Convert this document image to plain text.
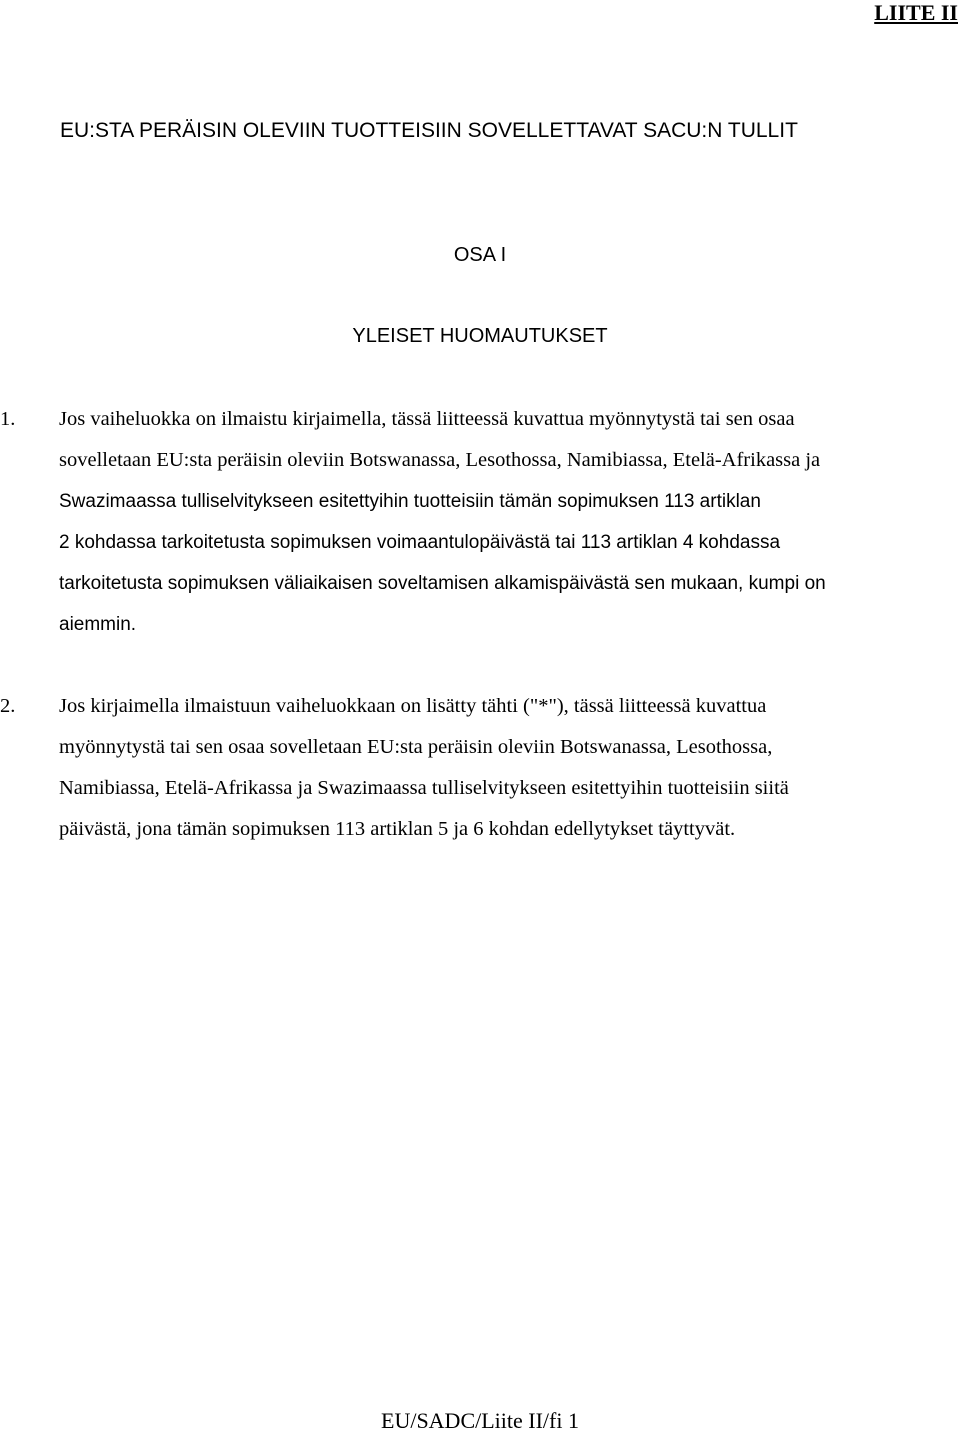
LIITE II
EU:STA PERÄISIN OLEVIIN TUOTTEISIIN SOVELLETTAVAT SACU:N TULLIT
OSA I
YLEISET HUOMAUTUKSET
1.	Jos vaiheluokka on ilmaistu kirjaimella, tässä liitteessä kuvattua myönnytystä tai sen osaa
sovelletaan EU:sta peräisin oleviin Botswanassa, Lesothossa, Namibiassa, Etelä-Afrikassa ja
Swazimaassa tulliselvitykseen esitettyihin tuotteisiin tämän sopimuksen 113 artiklan
2 kohdassa tarkoitetusta sopimuksen voimaantulopäivästä tai 113 artiklan 4 kohdassa
tarkoitetusta sopimuksen väliaikaisen soveltamisen alkamispäivästä sen mukaan, kumpi on
aiemmin.
2.	Jos kirjaimella ilmaistuun vaiheluokkaan on lisätty tähti ("*"), tässä liitteessä kuvattua
myönnytystä tai sen osaa sovelletaan EU:sta peräisin oleviin Botswanassa, Lesothossa,
Namibiassa, Etelä-Afrikassa ja Swazimaassa tulliselvitykseen esitettyihin tuotteisiin siitä
päivästä, jona tämän sopimuksen 113 artiklan 5 ja 6 kohdan edellytykset täyttyvät.
EU/SADC/Liite II/fi 1
